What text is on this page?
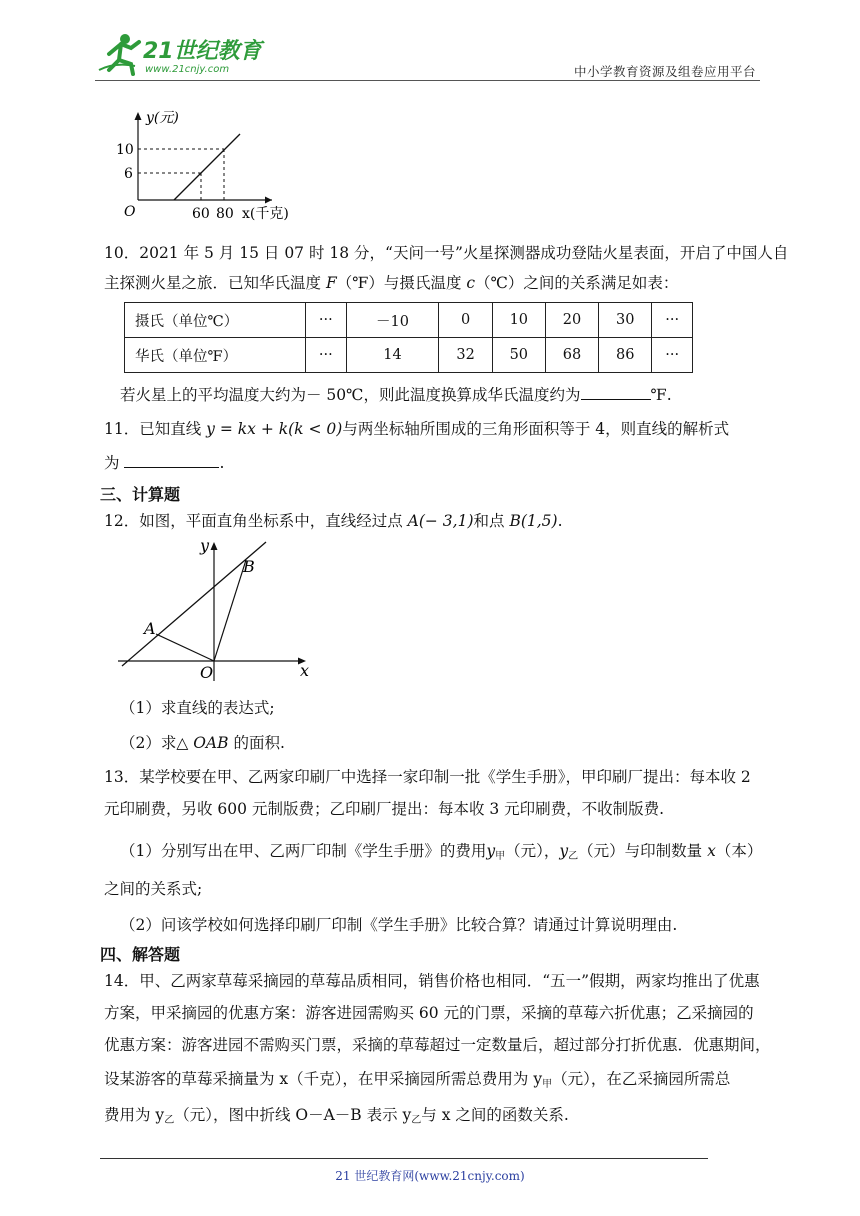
21世纪教育
www.21cnjy.com	中小学教育资源及组卷应用平台
y(元)
10
6
60 80
O	x(千克)
10．2021 年 5 月 15 日 07 时 18 分，“天问一号”火星探测器成功登陆火星表面，开启了中国人自
主探测火星之旅．已知华氏温度 F（℉）与摄氏温度 c（℃）之间的关系满足如表：
摄氏（单位℃）	···	－10	0	10	20	30	···
华氏（单位℉）	···	14	32	50	68	86	···
若火星上的平均温度大约为－ 50℃，则此温度换算成华氏温度约为	℉.
11．已知直线 y = kx + k(k < 0)与两坐标轴所围成的三角形面积等于 4，则直线的解析式
为	.
三、计算题
12．如图，平面直角坐标系中，直线经过点 A(− 3,1)和点 B(1,5).
y
x
O
A
B
（1）求直线的表达式;
（2）求△ OAB 的面积.
13．某学校要在甲、乙两家印刷厂中选择一家印制一批《学生手册》，甲印刷厂提出：每本收 2
元印刷费，另收 600 元制版费；乙印刷厂提出：每本收 3 元印刷费，不收制版费.
（1）分别写出在甲、乙两厂印制《学生手册》的费用$y_甲$（元），$y_乙$（元）与印制数量 x（本）
之间的关系式;
（2）问该学校如何选择印刷厂印制《学生手册》比较合算？请通过计算说明理由.
四、解答题
14．甲、乙两家草莓采摘园的草莓品质相同，销售价格也相同．“五一”假期，两家均推出了优惠
方案，甲采摘园的优惠方案：游客进园需购买 60 元的门票，采摘的草莓六折优惠；乙采摘园的
优惠方案：游客进园不需购买门票，采摘的草莓超过一定数量后，超过部分打折优惠．优惠期间，
设某游客的草莓采摘量为 x（千克），在甲采摘园所需总费用为 $y_甲$（元），在乙采摘园所需总
费用为 $y_乙$（元），图中折线 O－A－B 表示 $y_乙$与 x 之间的函数关系.
21 世纪教育网(www.21cnjy.com)
